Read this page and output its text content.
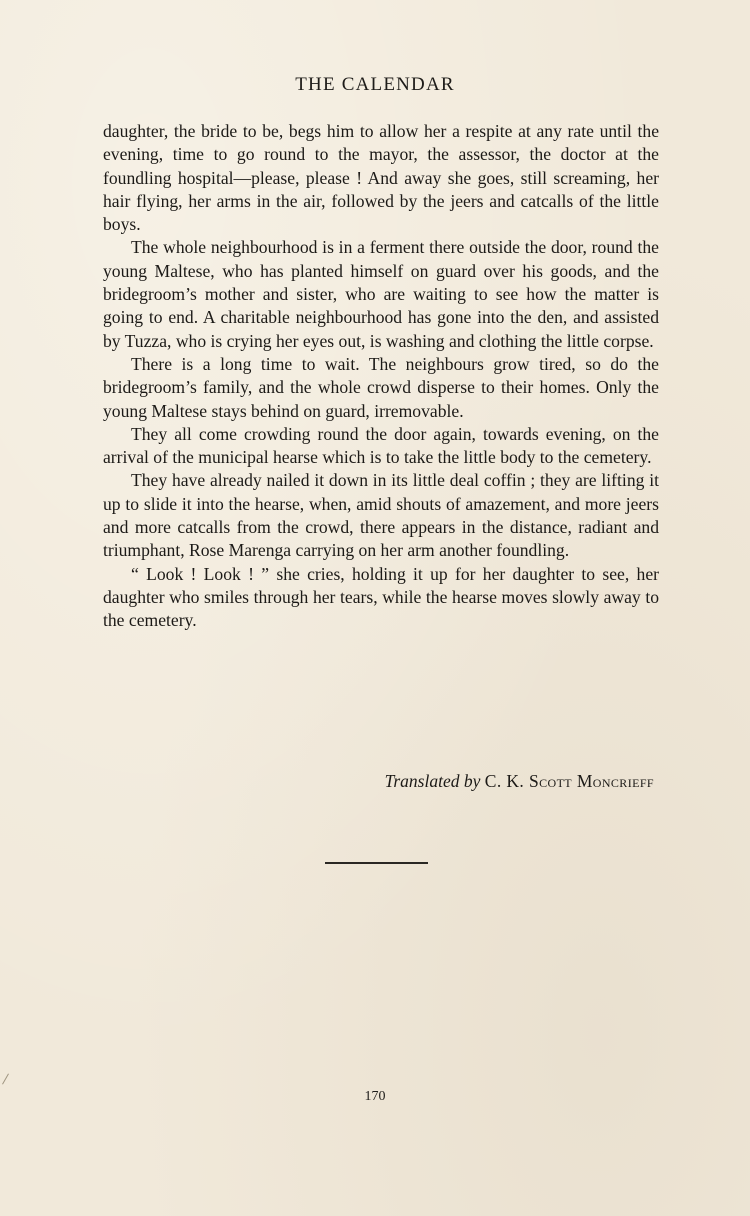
THE CALENDAR

daughter, the bride to be, begs him to allow her a respite at any rate until the evening, time to go round to the mayor, the assessor, the doctor at the foundling hospital—please, please ! And away she goes, still screaming, her hair flying, her arms in the air, followed by the jeers and catcalls of the little boys.

The whole neighbourhood is in a ferment there outside the door, round the young Maltese, who has planted himself on guard over his goods, and the bridegroom’s mother and sister, who are waiting to see how the matter is going to end. A charitable neighbourhood has gone into the den, and assisted by Tuzza, who is crying her eyes out, is washing and clothing the little corpse.

There is a long time to wait. The neighbours grow tired, so do the bridegroom’s family, and the whole crowd disperse to their homes. Only the young Maltese stays behind on guard, irremovable.

They all come crowding round the door again, towards evening, on the arrival of the municipal hearse which is to take the little body to the cemetery.

They have already nailed it down in its little deal coffin ; they are lifting it up to slide it into the hearse, when, amid shouts of amazement, and more jeers and more catcalls from the crowd, there appears in the distance, radiant and triumphant, Rose Marenga carrying on her arm another foundling.

“ Look ! Look ! ” she cries, holding it up for her daughter to see, her daughter who smiles through her tears, while the hearse moves slowly away to the cemetery.

Translated by C. K. Scott Moncrieff
170
